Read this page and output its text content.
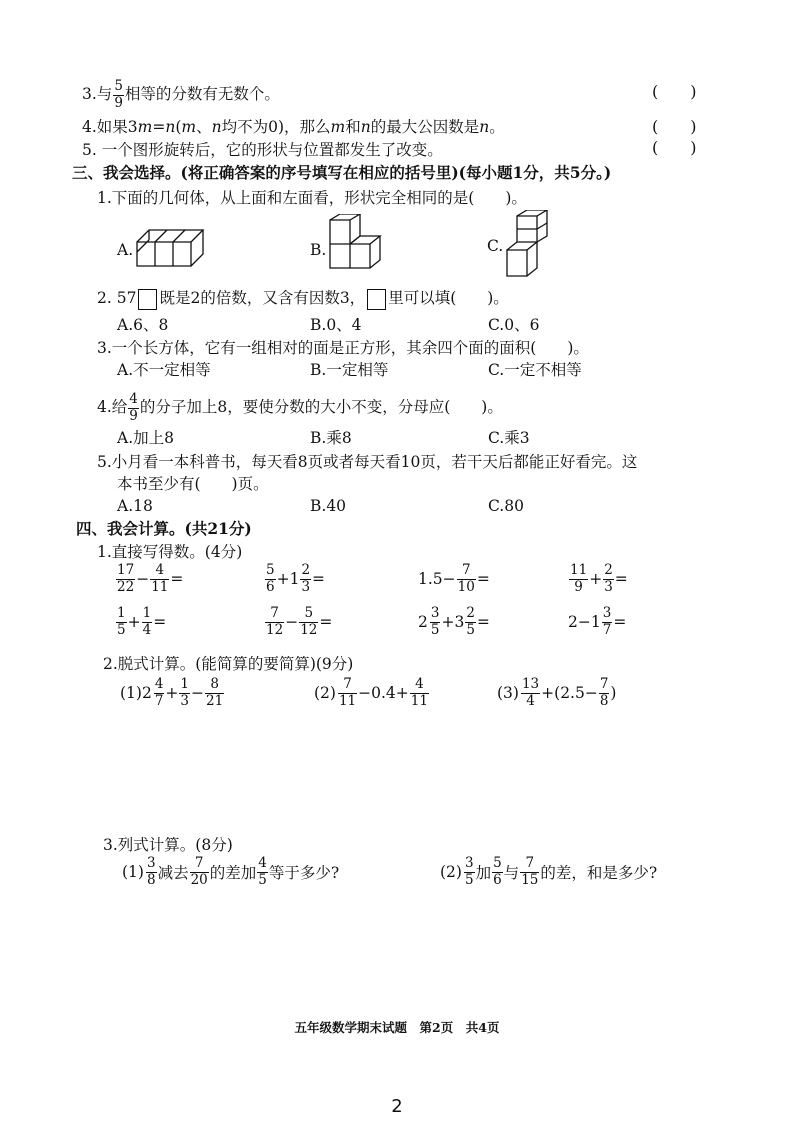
3.与 $\frac{5}{9}$ 相等的分数有无数个。	(　　)
4.如果3m=n(m、n均不为0)，那么m和n的最大公因数是n。	(　　)
5. 一个图形旋转后，它的形状与位置都发生了改变。	(　　)
三、我会选择。(将正确答案的序号填写在相应的括号里)(每小题1分，共5分。)
1.下面的几何体，从上面和左面看，形状完全相同的是(　　)。
A.	B.	C.
2. 57 既是2的倍数，又含有因数3， 里可以填(　　)。
A.6、8	B.0、4	C.0、6
3.一个长方体，它有一组相对的面是正方形，其余四个面的面积(　　)。
A.不一定相等	B.一定相等	C.一定不相等
4.给 $\frac{4}{9}$ 的分子加上8，要使分数的大小不变，分母应(　　)。
A.加上8	B.乘8	C.乘3
5.小月看一本科普书，每天看8页或者每天看10页，若干天后都能正好看完。这
本书至少有(　　)页。
A.18	B.40	C.80
四、我会计算。(共21分)
1.直接写得数。(4分)
$\frac{17}{22} - \frac{4}{11}$ =	$\frac{5}{6} +1 \frac{2}{3}$ =	$1.5- \frac{7}{10}$ =	$\frac{11}{9} + \frac{2}{3}$ =
$\frac{1}{5} + \frac{1}{4}$ =	$\frac{7}{12} - \frac{5}{12}$ =	$2 \frac{3}{5} +3 \frac{2}{5}$ =	$2-1 \frac{3}{7}$ =
2.脱式计算。(能简算的要简算)(9分)
$(1)2 \frac{4}{7} + \frac{1}{3} - \frac{8}{21}$	$(2) \frac{7}{11} -0.4+ \frac{4}{11}$	$(3) \frac{13}{4} +(2.5- \frac{7}{8}$ )
3.列式计算。(8分)
$(1) \frac{3}{8}$ 减去 $\frac{7}{20}$ 的差加 $\frac{4}{5}$ 等于多少?	$(2) \frac{3}{5}$ 加 $\frac{5}{6}$ 与 $\frac{7}{15}$ 的差，和是多少?
五年级数学期末试题　第2页　共4页
2
